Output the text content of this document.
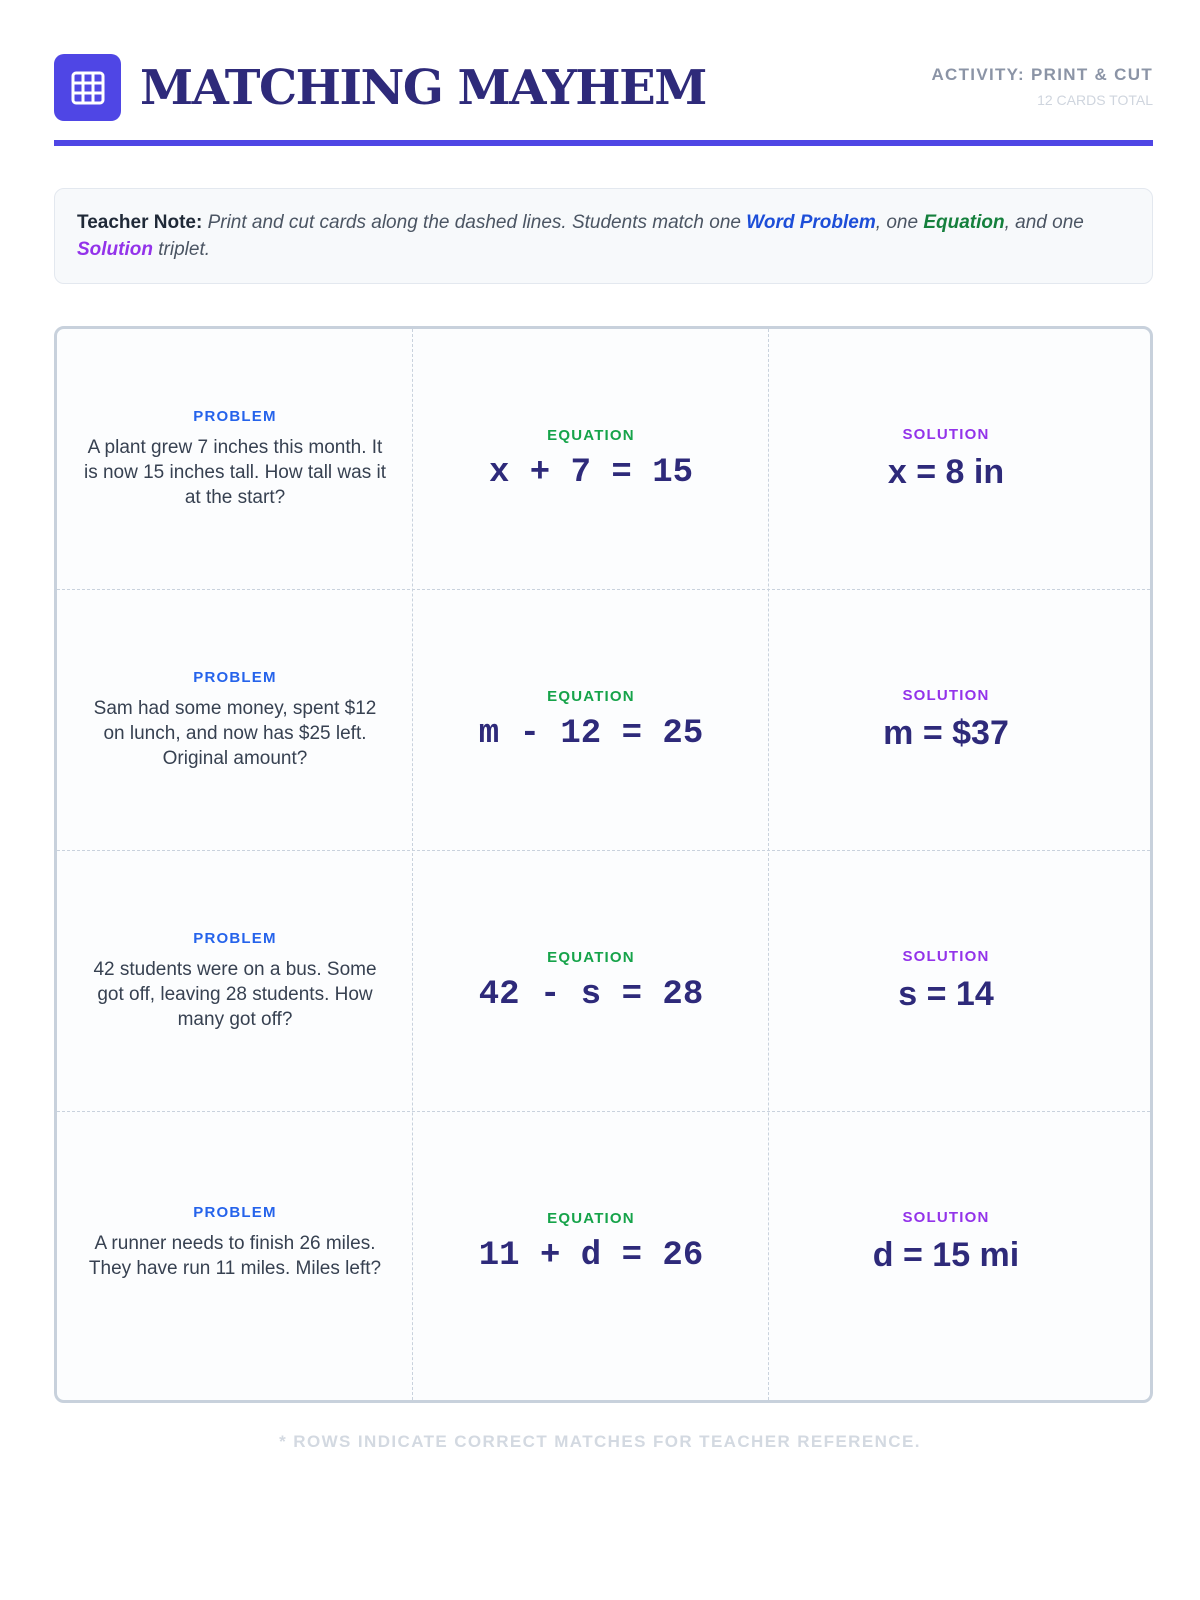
MATCHING MAYHEM	ACTIVITY: PRINT & CUT
12 CARDS TOTAL
Teacher Note: Print and cut cards along the dashed lines. Students match one Word Problem, one Equation, and one Solution triplet.
PROBLEM
A plant grew 7 inches this month. It is now 15 inches tall. How tall was it at the start?
EQUATION
x + 7 = 15
SOLUTION
x = 8 in
PROBLEM
Sam had some money, spent $12 on lunch, and now has $25 left. Original amount?
EQUATION
m - 12 = 25
SOLUTION
m = $37
PROBLEM
42 students were on a bus. Some got off, leaving 28 students. How many got off?
EQUATION
42 - s = 28
SOLUTION
s = 14
PROBLEM
A runner needs to finish 26 miles. They have run 11 miles. Miles left?
EQUATION
11 + d = 26
SOLUTION
d = 15 mi
* ROWS INDICATE CORRECT MATCHES FOR TEACHER REFERENCE.
